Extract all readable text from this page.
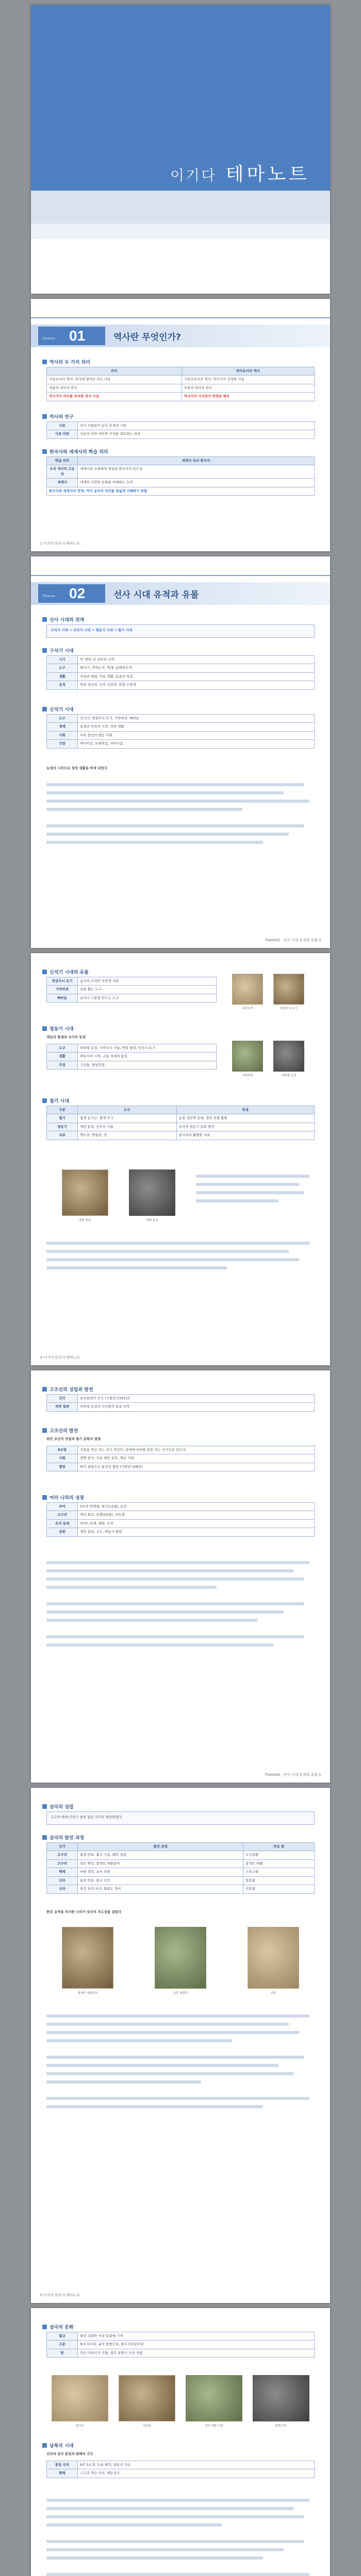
이기다 테마노트
Theme 01	역사란 무엇인가?
역사의 두 가지 의미
의미	역사로서의 역사
사실로서의 역사: 과거에 일어난 모든 사실	기록으로서의 역사: 역사가가 선정한 사실
객관적 의미의 역사	주관적 의미의 역사
역사가가 의미를 부여한 과거 사실	역사가의 가치관이 반영된 해석
역사의 연구
사료	과거 사람들이 남긴 흔적과 기록
사료 비판	사료의 진위 여부와 가치를 검토하는 과정
한국사와 세계사의 학습 의의
학습 의의	세계사 속의 한국사
우리 역사의 고유성	세계사와 교류하며 형성된 한국사의 특수성
세계사	세계의 다양한 문화를 이해하는 능력
한국사와 세계사의 연계: 역사 공부의 의미를 폭넓게 이해하기 위함	
2 이기다 한국사 테마노트
Theme 02	선사 시대 유적과 유물
선사 시대의 전개
구석기 시대 → 신석기 시대 → 청동기 시대 → 철기 시대
구석기 시대
시기	약 70만 년 전부터 시작
도구	뗀석기: 주먹도끼, 찍개, 슴베찌르개
생활	사냥과 채집, 이동 생활, 동굴과 막집
유적	연천 전곡리, 공주 석장리, 단양 수양개
신석기 시대
도구	간석기, 빗살무늬 토기, 가락바퀴, 뼈바늘
경제	농경과 목축의 시작, 정착 생활
사회	씨족 중심의 평등 사회
신앙	애니미즘, 토테미즘, 샤머니즘
농경의 시작으로 정착 생활을 하게 되었다
Theme02 · 선사 시대 유적과 유물 3
신석기 시대의 유물
빗살무늬 토기	음식의 조리와 저장에 사용
가락바퀴	실을 뽑는 도구
뼈바늘	옷이나 그물을 만드는 도구
주먹도끼	빗살무늬 토기
청동기 시대
계급의 발생과 국가의 등장
도구	비파형 동검, 거친무늬 거울, 반달 돌칼, 민무늬 토기
생활	벼농사의 시작, 구릉 지대의 움집
무덤	고인돌, 돌널무덤
가락바퀴	비파형 동검
철기 시대
구분	도구	특징
철기	철제 농기구, 철제 무기	농업 생산력 증대, 정복 전쟁 활발
청동기	세형 동검, 잔무늬 거울	독자적 청동기 문화 발전
교류	명도전, 반량전, 붓	중국과의 활발한 교류
반달 돌칼	세형 동검
4 이기다 한국사 테마노트
고조선의 성립과 발전
건국	단군왕검이 건국 (기원전 2333년)
세력 범위	비파형 동검과 고인돌의 분포 지역
고조선의 발전
위만 조선의 성립과 철기 문화의 발달
8조법	사람을 죽인 자는 즉시 죽인다. 남에게 상처를 입힌 자는 곡식으로 갚는다.
사회	생명 중시, 사유 재산 보호, 계급 사회
멸망	한의 침입으로 왕검성 함락 (기원전 108년)
여러 나라의 성장
부여	5부족 연맹체, 영고(12월), 순장
고구려	제가 회의, 동맹(10월), 서옥제
옥저·동예	민며느리제, 책화, 무천
삼한	제정 분리, 소도, 벼농사 발달
Theme02 · 선사 시대 유적과 유물 5
삼국의 성립
고구려·백제·신라가 중앙 집권 국가로 발전하였다.
삼국의 발전 과정
국가	발전 과정	주요 왕
고구려	율령 반포, 불교 수용, 태학 설립	소수림왕
고구려	영토 확장, 광개토 대왕릉비	광개토 대왕
백제	마한 정복, 요서 진출	근초고왕
신라	율령 반포, 불교 공인	법흥왕
신라	한강 유역 차지, 화랑도 정비	진흥왕
한강 유역을 차지한 나라가 삼국의 주도권을 잡았다
광개토 대왕릉비	금동 대향로	금관
6 이기다 한국사 테마노트
삼국의 문화
불교	왕권 강화와 사상 통합에 기여
고분	돌무지무덤, 굴식 돌방무덤, 돌무지덧널무덤
탑	익산 미륵사지 석탑, 경주 분황사 모전 석탑
불국사	석굴암	성덕 대왕 신종	발해 석등
남북국 시대
신라의 삼국 통일과 발해의 건국
통일 신라	9주 5소경, 녹읍 폐지, 관료전 지급
발해	고구려 계승 의식, 해동성국
